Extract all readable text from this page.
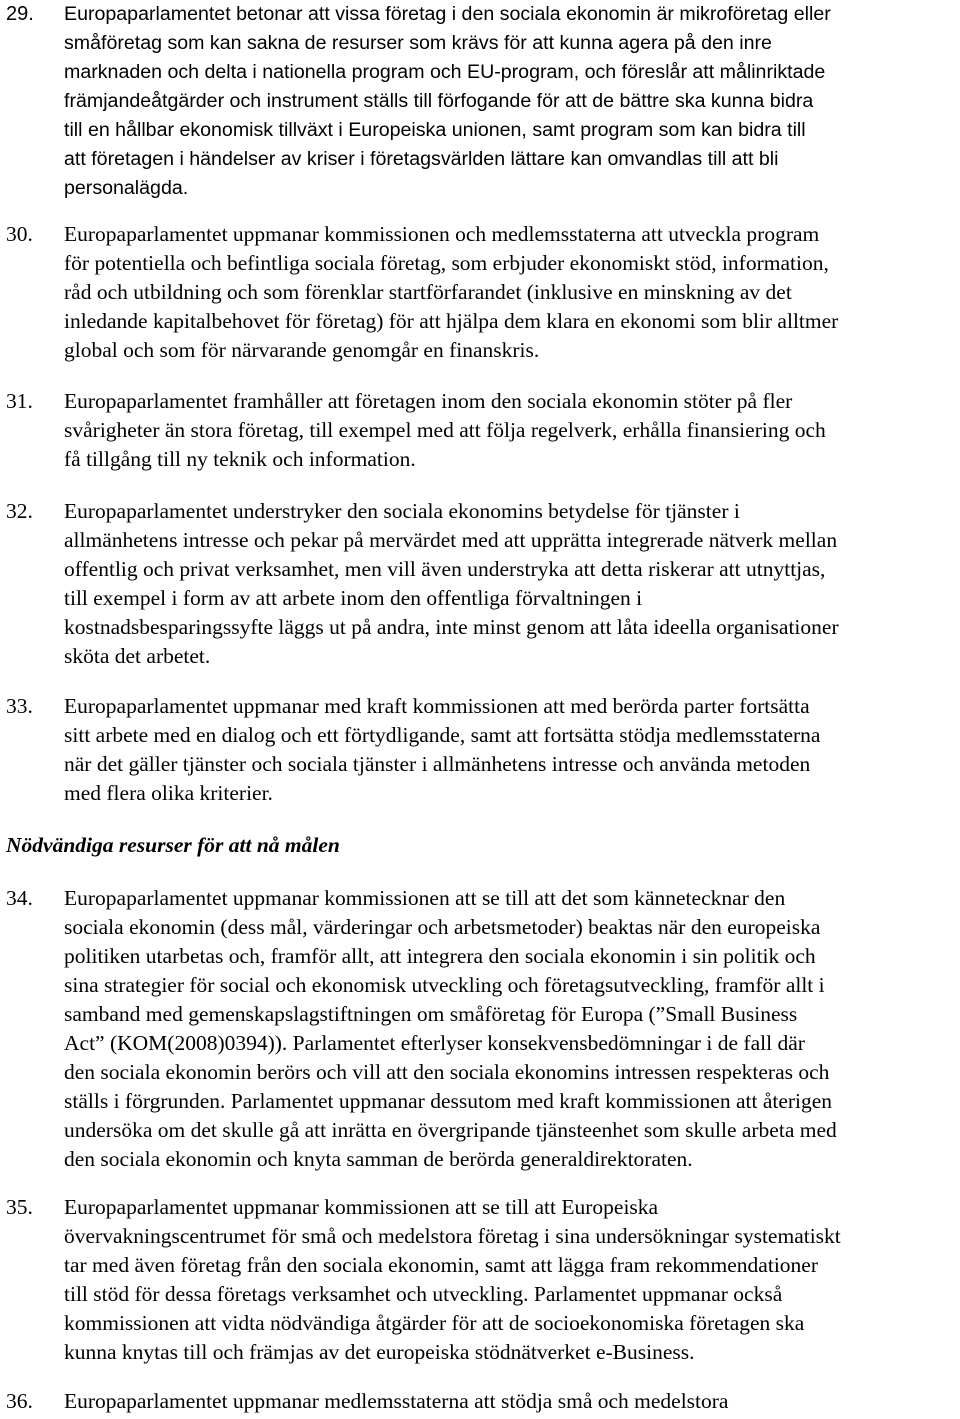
29. Europaparlamentet betonar att vissa företag i den sociala ekonomin är mikroföretag eller
småföretag som kan sakna de resurser som krävs för att kunna agera på den inre
marknaden och delta i nationella program och EU-program, och föreslår att målinriktade
främjandeåtgärder och instrument ställs till förfogande för att de bättre ska kunna bidra
till en hållbar ekonomisk tillväxt i Europeiska unionen, samt program som kan bidra till
att företagen i händelser av kriser i företagsvärlden lättare kan omvandlas till att bli
personalägda.
30. Europaparlamentet uppmanar kommissionen och medlemsstaterna att utveckla program
för potentiella och befintliga sociala företag, som erbjuder ekonomiskt stöd, information,
råd och utbildning och som förenklar startförfarandet (inklusive en minskning av det
inledande kapitalbehovet för företag) för att hjälpa dem klara en ekonomi som blir alltmer
global och som för närvarande genomgår en finanskris.
31. Europaparlamentet framhåller att företagen inom den sociala ekonomin stöter på fler
svårigheter än stora företag, till exempel med att följa regelverk, erhålla finansiering och
få tillgång till ny teknik och information.
32. Europaparlamentet understryker den sociala ekonomins betydelse för tjänster i
allmänhetens intresse och pekar på mervärdet med att upprätta integrerade nätverk mellan
offentlig och privat verksamhet, men vill även understryka att detta riskerar att utnyttjas,
till exempel i form av att arbete inom den offentliga förvaltningen i
kostnadsbesparingssyfte läggs ut på andra, inte minst genom att låta ideella organisationer
sköta det arbetet.
33. Europaparlamentet uppmanar med kraft kommissionen att med berörda parter fortsätta
sitt arbete med en dialog och ett förtydligande, samt att fortsätta stödja medlemsstaterna
när det gäller tjänster och sociala tjänster i allmänhetens intresse och använda metoden
med flera olika kriterier.
Nödvändiga resurser för att nå målen
34. Europaparlamentet uppmanar kommissionen att se till att det som kännetecknar den
sociala ekonomin (dess mål, värderingar och arbetsmetoder) beaktas när den europeiska
politiken utarbetas och, framför allt, att integrera den sociala ekonomin i sin politik och
sina strategier för social och ekonomisk utveckling och företagsutveckling, framför allt i
samband med gemenskapslagstiftningen om småföretag för Europa (”Small Business
Act” (KOM(2008)0394)). Parlamentet efterlyser konsekvensbedömningar i de fall där
den sociala ekonomin berörs och vill att den sociala ekonomins intressen respekteras och
ställs i förgrunden. Parlamentet uppmanar dessutom med kraft kommissionen att återigen
undersöka om det skulle gå att inrätta en övergripande tjänsteenhet som skulle arbeta med
den sociala ekonomin och knyta samman de berörda generaldirektoraten.
35. Europaparlamentet uppmanar kommissionen att se till att Europeiska
övervakningscentrumet för små och medelstora företag i sina undersökningar systematiskt
tar med även företag från den sociala ekonomin, samt att lägga fram rekommendationer
till stöd för dessa företags verksamhet och utveckling. Parlamentet uppmanar också
kommissionen att vidta nödvändiga åtgärder för att de socioekonomiska företagen ska
kunna knytas till och främjas av det europeiska stödnätverket e-Business.
36. Europaparlamentet uppmanar medlemsstaterna att stödja små och medelstora
